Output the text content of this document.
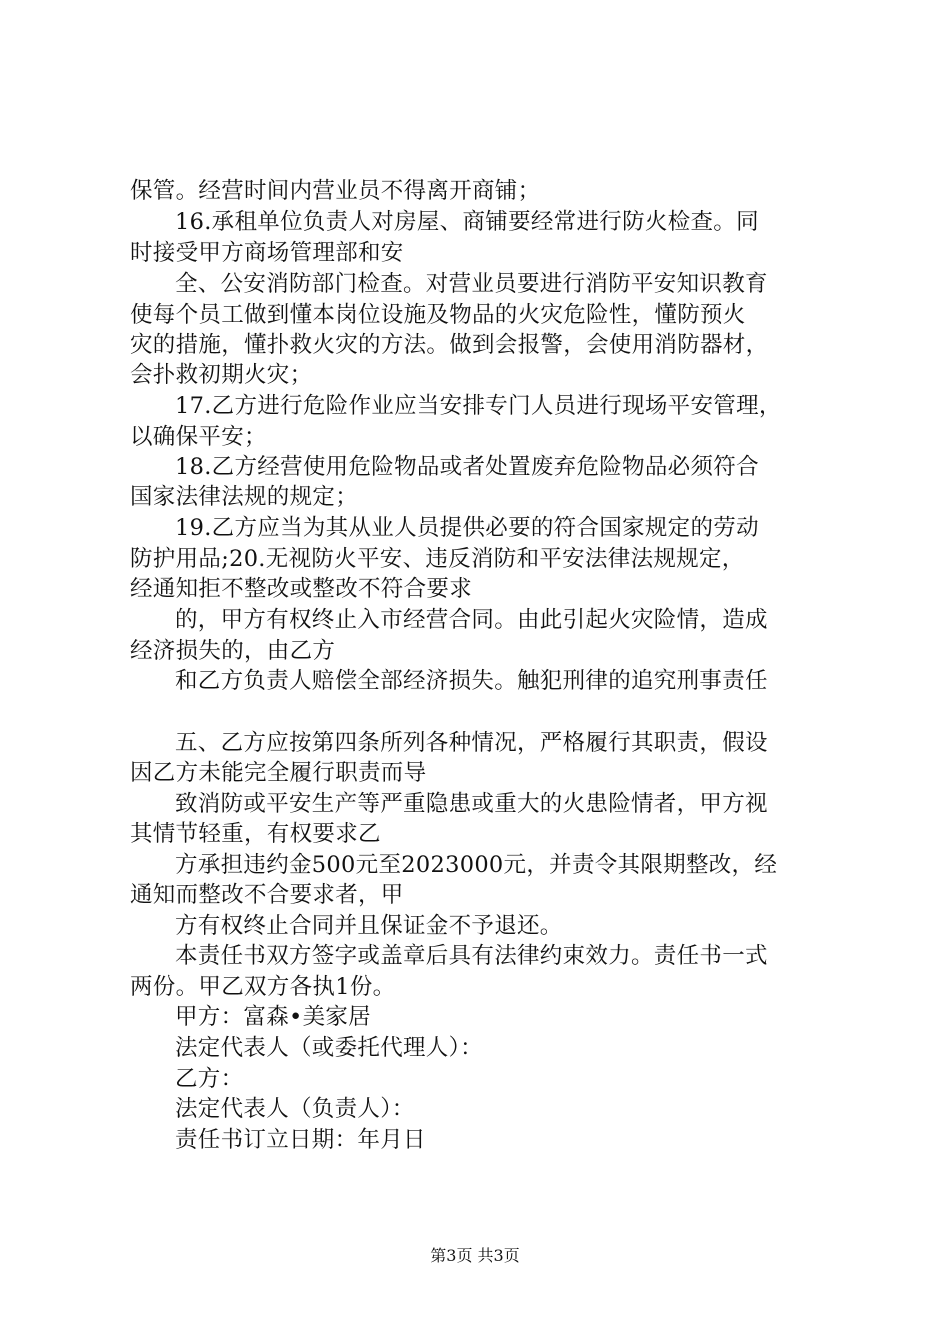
保管。经营时间内营业员不得离开商铺；
16.承租单位负责人对房屋、商铺要经常进行防火检查。同
时接受甲方商场管理部和安
全、公安消防部门检查。对营业员要进行消防平安知识教育
使每个员工做到懂本岗位设施及物品的火灾危险性，懂防预火
灾的措施，懂扑救火灾的方法。做到会报警，会使用消防器材，
会扑救初期火灾；
17.乙方进行危险作业应当安排专门人员进行现场平安管理，
以确保平安；
18.乙方经营使用危险物品或者处置废弃危险物品必须符合
国家法律法规的规定；
19.乙方应当为其从业人员提供必要的符合国家规定的劳动
防护用品;20.无视防火平安、违反消防和平安法律法规规定，
经通知拒不整改或整改不符合要求
的，甲方有权终止入市经营合同。由此引起火灾险情，造成
经济损失的，由乙方
和乙方负责人赔偿全部经济损失。触犯刑律的追究刑事责任
五、乙方应按第四条所列各种情况，严格履行其职责，假设
因乙方未能完全履行职责而导
致消防或平安生产等严重隐患或重大的火患险情者，甲方视
其情节轻重，有权要求乙
方承担违约金500元至2023000元，并责令其限期整改，经
通知而整改不合要求者，甲
方有权终止合同并且保证金不予退还。
本责任书双方签字或盖章后具有法律约束效力。责任书一式
两份。甲乙双方各执1份。
甲方：富森•美家居
法定代表人（或委托代理人）：
乙方：
法定代表人（负责人）：
责任书订立日期：年月日
第3页 共3页
